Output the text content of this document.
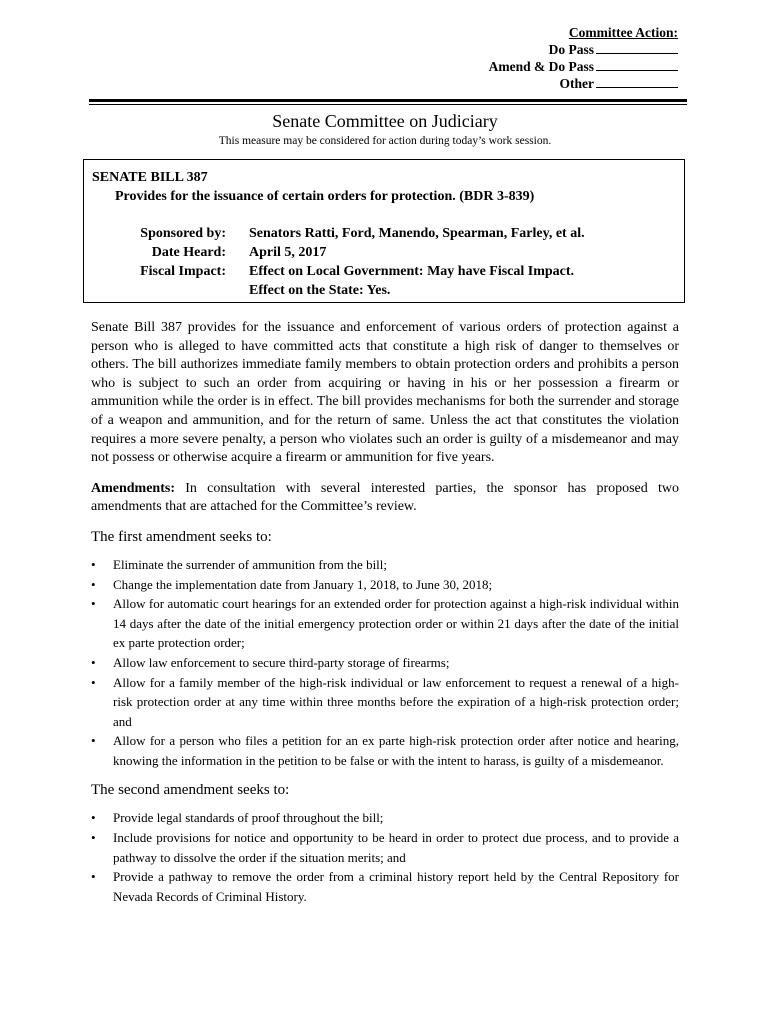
Committee Action:
Do Pass
Amend & Do Pass
Other
Senate Committee on Judiciary
This measure may be considered for action during today’s work session.
SENATE BILL 387
Provides for the issuance of certain orders for protection. (BDR 3-839)
Sponsored by: Senators Ratti, Ford, Manendo, Spearman, Farley, et al.
Date Heard: April 5, 2017
Fiscal Impact: Effect on Local Government: May have Fiscal Impact.
Effect on the State: Yes.

Senate Bill 387 provides for the issuance and enforcement of various orders of protection against a person who is alleged to have committed acts that constitute a high risk of danger to themselves or others. The bill authorizes immediate family members to obtain protection orders and prohibits a person who is subject to such an order from acquiring or having in his or her possession a firearm or ammunition while the order is in effect. The bill provides mechanisms for both the surrender and storage of a weapon and ammunition, and for the return of same. Unless the act that constitutes the violation requires a more severe penalty, a person who violates such an order is guilty of a misdemeanor and may not possess or otherwise acquire a firearm or ammunition for five years.

Amendments: In consultation with several interested parties, the sponsor has proposed two amendments that are attached for the Committee’s review.

The first amendment seeks to:
•	Eliminate the surrender of ammunition from the bill;
•	Change the implementation date from January 1, 2018, to June 30, 2018;
•	Allow for automatic court hearings for an extended order for protection against a high-risk individual within 14 days after the date of the initial emergency protection order or within 21 days after the date of the initial ex parte protection order;
•	Allow law enforcement to secure third-party storage of firearms;
•	Allow for a family member of the high-risk individual or law enforcement to request a renewal of a high-risk protection order at any time within three months before the expiration of a high-risk protection order; and
•	Allow for a person who files a petition for an ex parte high-risk protection order after notice and hearing, knowing the information in the petition to be false or with the intent to harass, is guilty of a misdemeanor.
The second amendment seeks to:
•	Provide legal standards of proof throughout the bill;
•	Include provisions for notice and opportunity to be heard in order to protect due process, and to provide a pathway to dissolve the order if the situation merits; and
•	Provide a pathway to remove the order from a criminal history report held by the Central Repository for Nevada Records of Criminal History.
